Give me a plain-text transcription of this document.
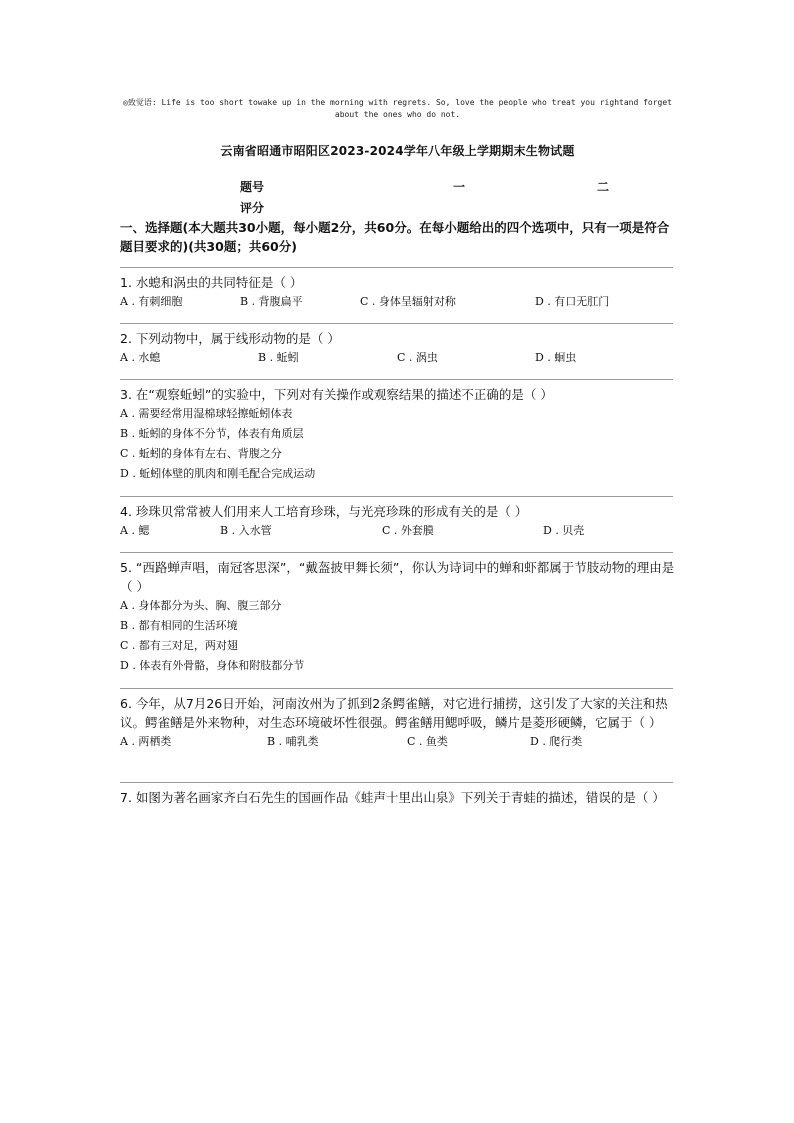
◎致觉语: Life is too short towake up in the morning with regrets. So, love the people who treat you rightand forget about the ones who do not.
云南省昭通市昭阳区2023-2024学年八年级上学期期末生物试题
题号	一	二
评分
一、选择题(本大题共30小题，每小题2分，共60分。在每小题给出的四个选项中，只有一项是符合题目要求的)(共30题；共60分)
1. 水螅和涡虫的共同特征是（ ）
A . 有刺细胞	B . 背腹扁平	C . 身体呈辐射对称	D . 有口无肛门
2. 下列动物中，属于线形动物的是（ ）
A . 水螅	B . 蚯蚓	C . 涡虫	D . 蛔虫
3. 在“观察蚯蚓”的实验中，下列对有关操作或观察结果的描述不正确的是（ ）
A . 需要经常用湿棉球轻擦蚯蚓体表
B . 蚯蚓的身体不分节，体表有角质层
C . 蚯蚓的身体有左右、背腹之分
D . 蚯蚓体壁的肌肉和刚毛配合完成运动
4. 珍珠贝常常被人们用来人工培育珍珠，与光亮珍珠的形成有关的是（ ）
A . 鳃	B . 入水管	C . 外套膜	D . 贝壳
5. “西路蝉声唱，南冠客思深”，“戴盔披甲舞长须”，你认为诗词中的蝉和虾都属于节肢动物的理由是（ ）
A . 身体都分为头、胸、腹三部分
B . 都有相同的生活环境
C . 都有三对足，两对翅
D . 体表有外骨骼，身体和附肢都分节
6. 今年，从7月26日开始，河南汝州为了抓到2条鳄雀鳝，对它进行捕捞，这引发了大家的关注和热议。鳄雀鳝是外来物种，对生态环境破坏性很强。鳄雀鳝用鳃呼吸，鳞片是菱形硬鳞，它属于（ ）
A . 两栖类	B . 哺乳类	C . 鱼类	D . 爬行类
7. 如图为著名画家齐白石先生的国画作品《蛙声十里出山泉》下列关于青蛙的描述，错误的是（ ）
